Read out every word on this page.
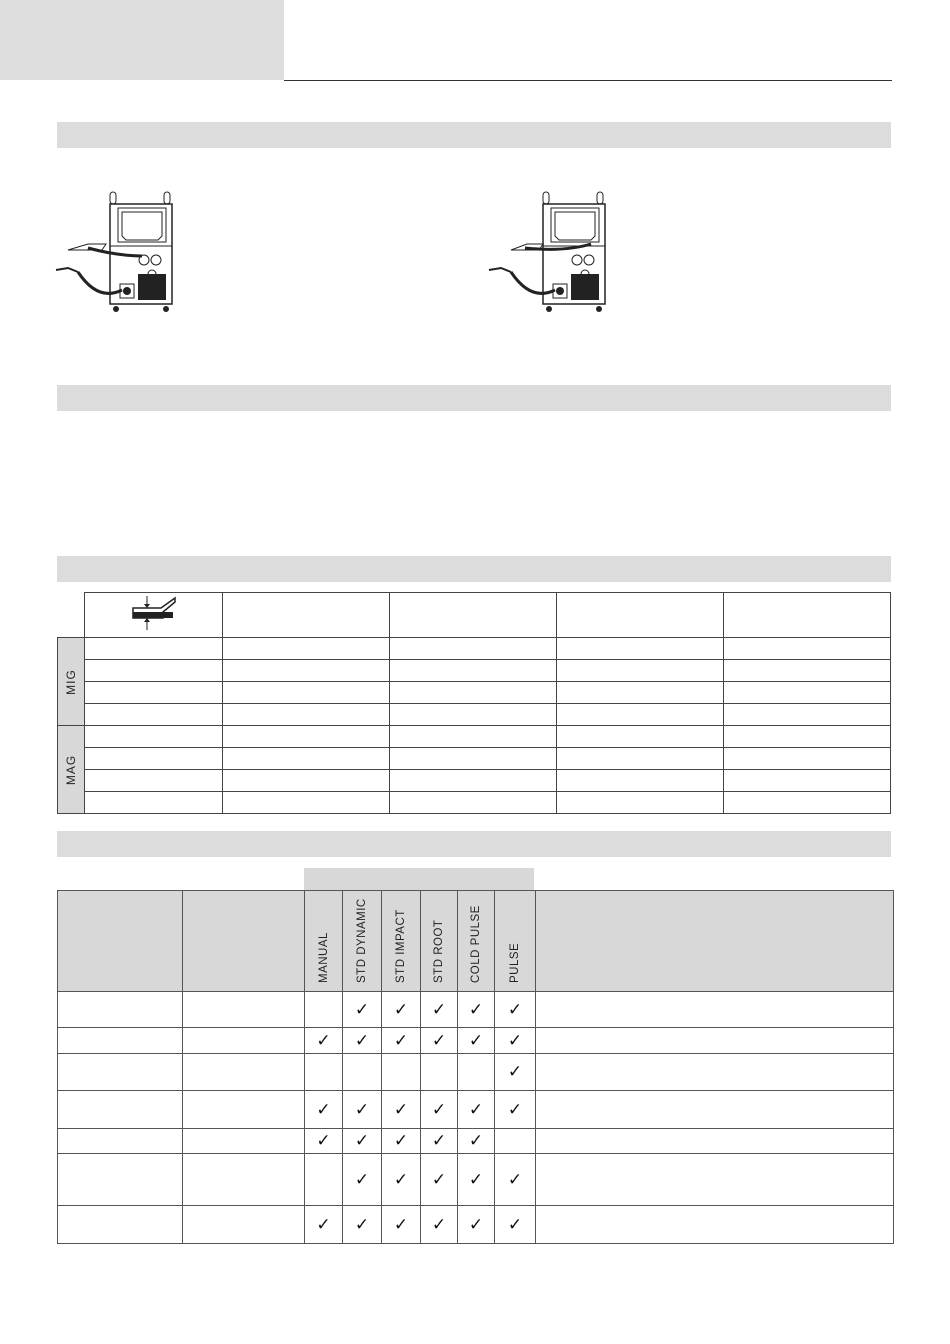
MIG					

MAG					

		MANUAL	STD DYNAMIC	STD IMPACT	STD ROOT	COLD PULSE	PULSE	

			✓	✓	✓	✓	✓	
		✓	✓	✓	✓	✓	✓	
							✓	
		✓	✓	✓	✓	✓	✓	
		✓	✓	✓	✓	✓		
			✓	✓	✓	✓	✓	
		✓	✓	✓	✓	✓	✓	
